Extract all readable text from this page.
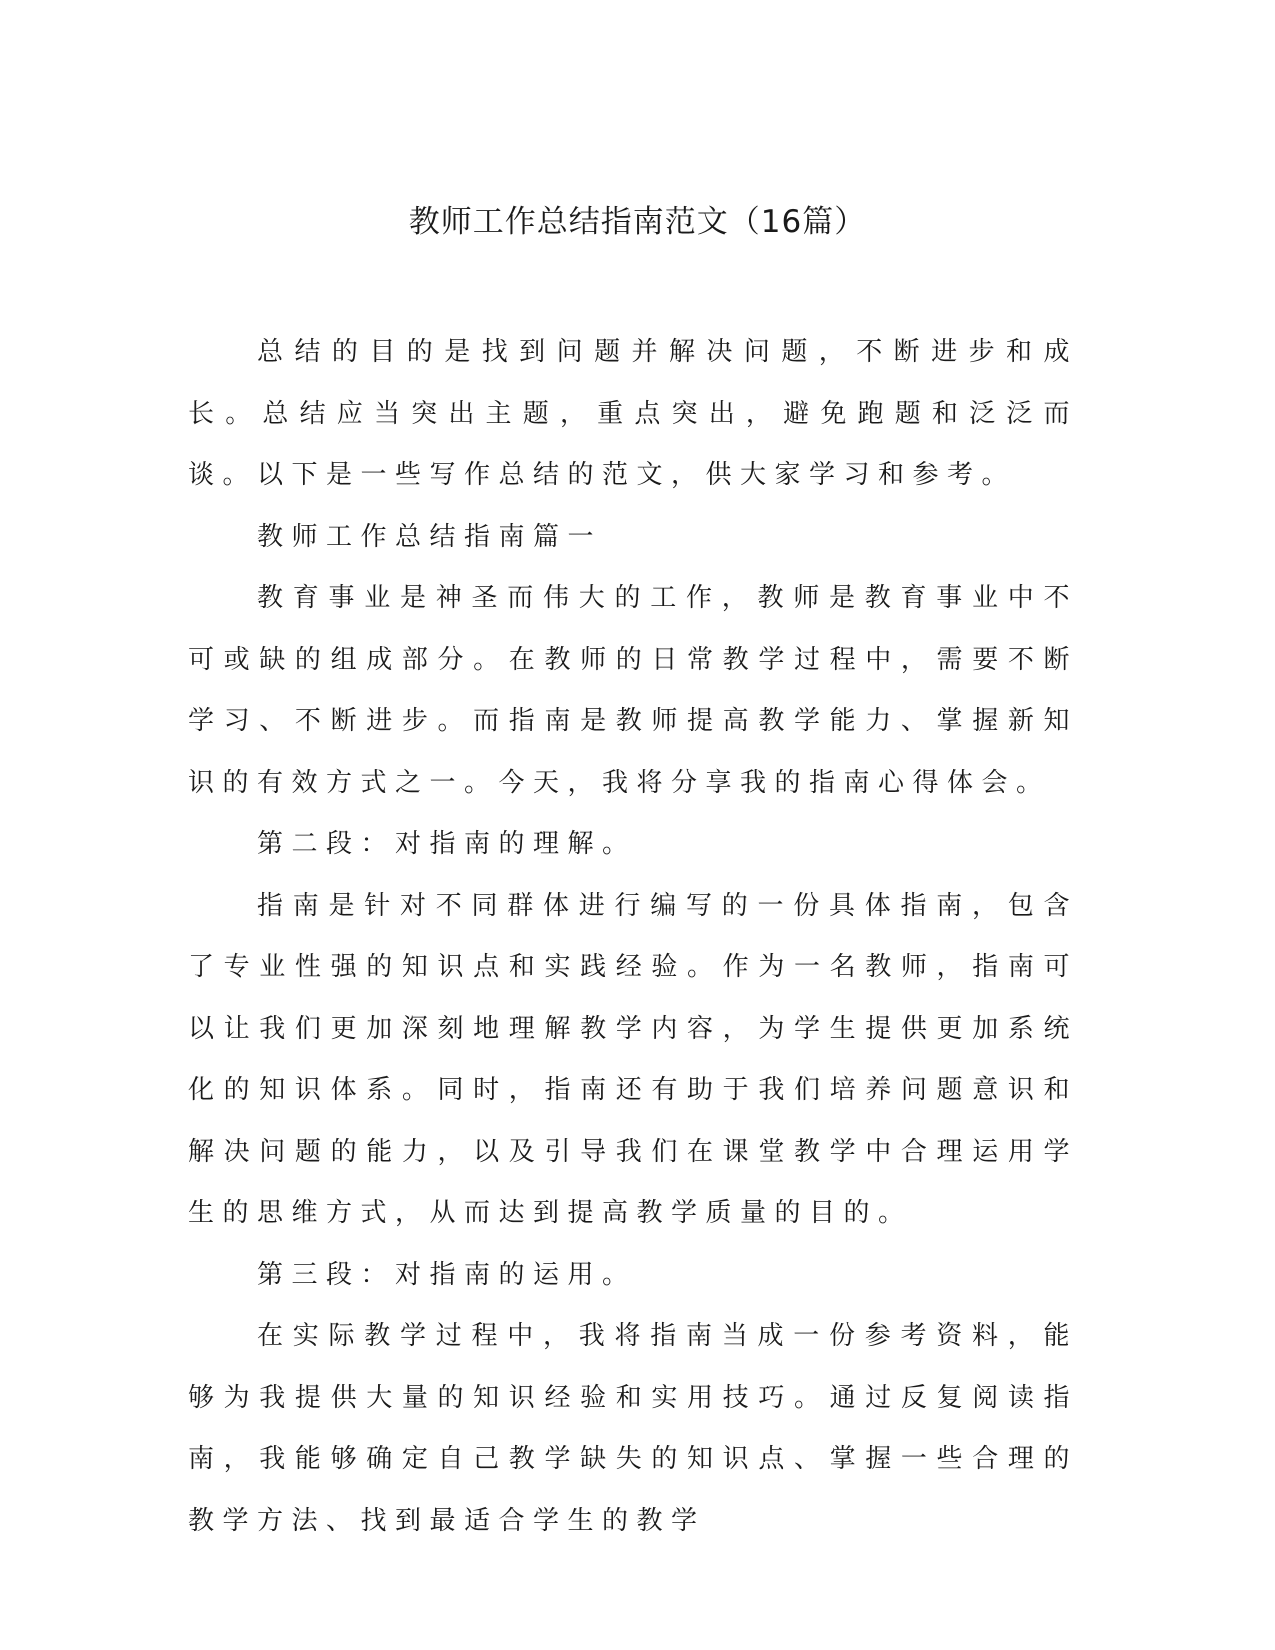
教师工作总结指南范文（16篇）

总结的目的是找到问题并解决问题，不断进步和成长。总结应当突出主题，重点突出，避免跑题和泛泛而谈。以下是一些写作总结的范文，供大家学习和参考。

教师工作总结指南篇一

教育事业是神圣而伟大的工作，教师是教育事业中不可或缺的组成部分。在教师的日常教学过程中，需要不断学习、不断进步。而指南是教师提高教学能力、掌握新知识的有效方式之一。今天，我将分享我的指南心得体会。

第二段：对指南的理解。

指南是针对不同群体进行编写的一份具体指南，包含了专业性强的知识点和实践经验。作为一名教师，指南可以让我们更加深刻地理解教学内容，为学生提供更加系统化的知识体系。同时，指南还有助于我们培养问题意识和解决问题的能力，以及引导我们在课堂教学中合理运用学生的思维方式，从而达到提高教学质量的目的。

第三段：对指南的运用。

在实际教学过程中，我将指南当成一份参考资料，能够为我提供大量的知识经验和实用技巧。通过反复阅读指南，我能够确定自己教学缺失的知识点、掌握一些合理的教学方法、找到最适合学生的教学
